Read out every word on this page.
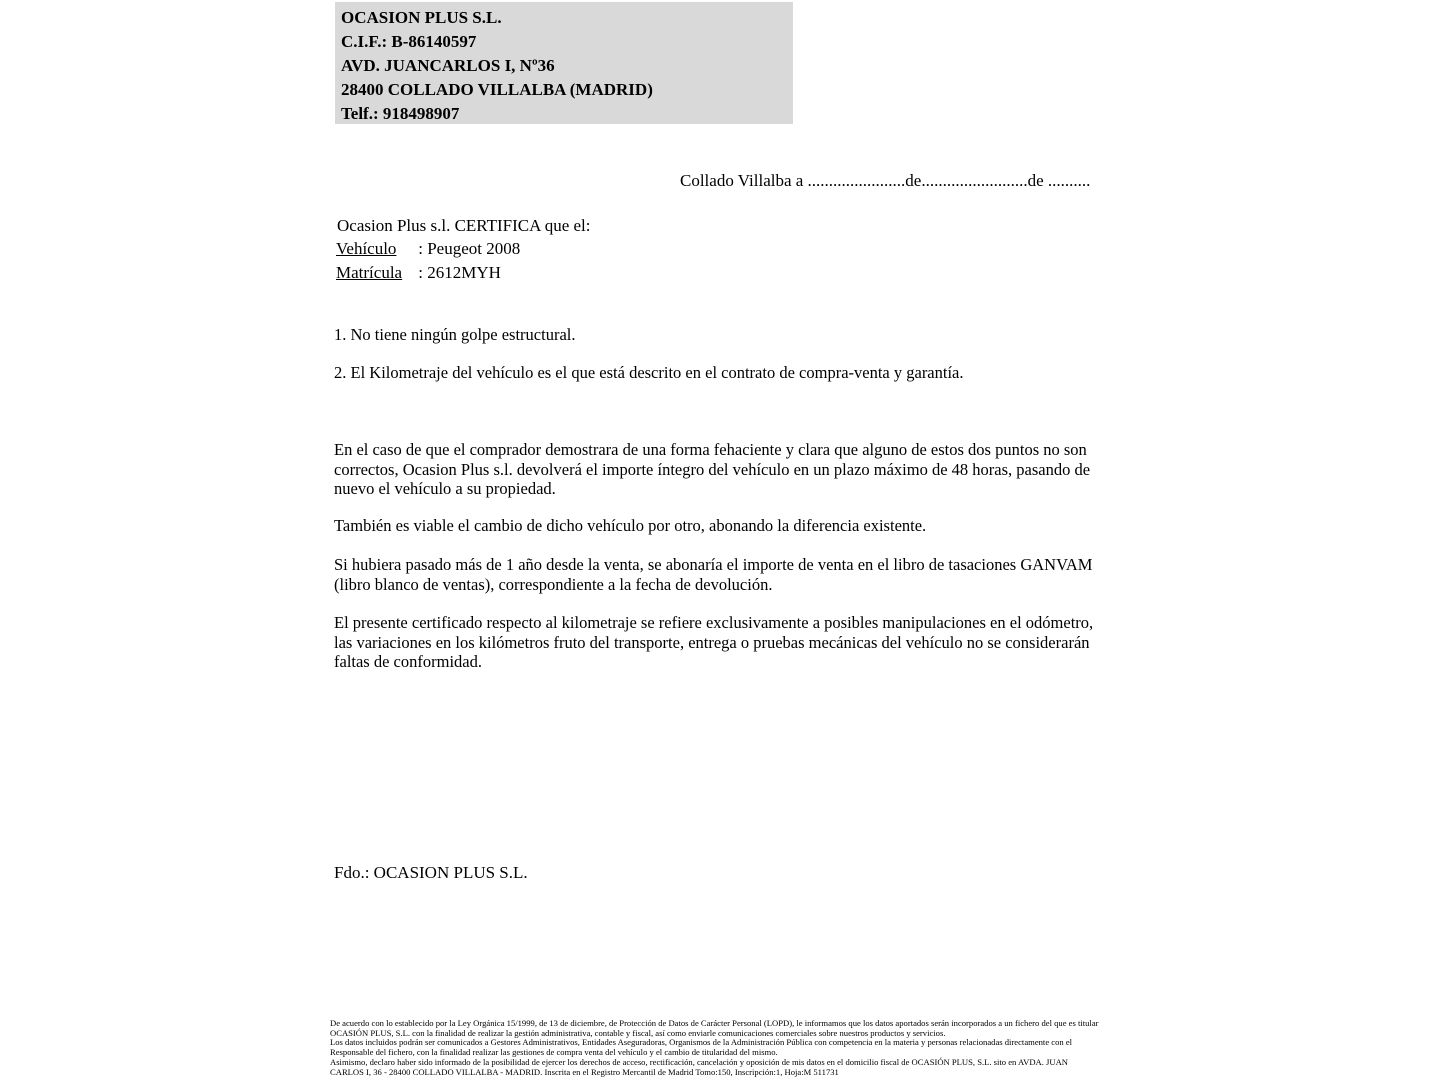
OCASION PLUS S.L.

C.I.F.: B-86140597

AVD. JUANCARLOS I, Nº36

28400 COLLADO VILLALBA (MADRID)

Telf.: 918498907

Collado Villalba a .......................de.........................de ..........
Ocasion Plus s.l. CERTIFICA que el:
Vehículo : Peugeot 2008
Matrícula : 2612MYH
1. No tiene ningún golpe estructural.
2. El Kilometraje del vehículo es el que está descrito en el contrato de compra-venta y garantía.
En el caso de que el comprador demostrara de una forma fehaciente y clara que alguno de estos dos puntos no son correctos, Ocasion Plus s.l. devolverá el importe íntegro del vehículo en un plazo máximo de 48 horas, pasando de nuevo el vehículo a su propiedad.
También es viable el cambio de dicho vehículo por otro, abonando la diferencia existente.
Si hubiera pasado más de 1 año desde la venta, se abonaría el importe de venta en el libro de tasaciones GANVAM (libro blanco de ventas), correspondiente a la fecha de devolución.
El presente certificado respecto al kilometraje se refiere exclusivamente a posibles manipulaciones en el odómetro, las variaciones en los kilómetros fruto del transporte, entrega o pruebas mecánicas del vehículo no se considerarán faltas de conformidad.
Fdo.: OCASION PLUS S.L.

De acuerdo con lo establecido por la Ley Orgánica 15/1999, de 13 de diciembre, de Protección de Datos de Carácter Personal (LOPD), le informamos que los datos aportados serán incorporados a un fichero del que es titular

OCASIÓN PLUS, S.L. con la finalidad de realizar la gestión administrativa, contable y fiscal, así como enviarle comunicaciones comerciales sobre nuestros productos y servicios.

Los datos incluidos podrán ser comunicados a Gestores Administrativos, Entidades Aseguradoras, Organismos de la Administración Pública con competencia en la materia y personas relacionadas directamente con el

Responsable del fichero, con la finalidad realizar las gestiones de compra venta del vehículo y el cambio de titularidad del mismo.

Asimismo, declaro haber sido informado de la posibilidad de ejercer los derechos de acceso, rectificación, cancelación y oposición de mis datos en el domicilio fiscal de OCASIÓN PLUS, S.L. sito en AVDA. JUAN

CARLOS I, 36 - 28400 COLLADO VILLALBA - MADRID. Inscrita en el Registro Mercantil de Madrid Tomo:150, Inscripción:1, Hoja:M 511731
